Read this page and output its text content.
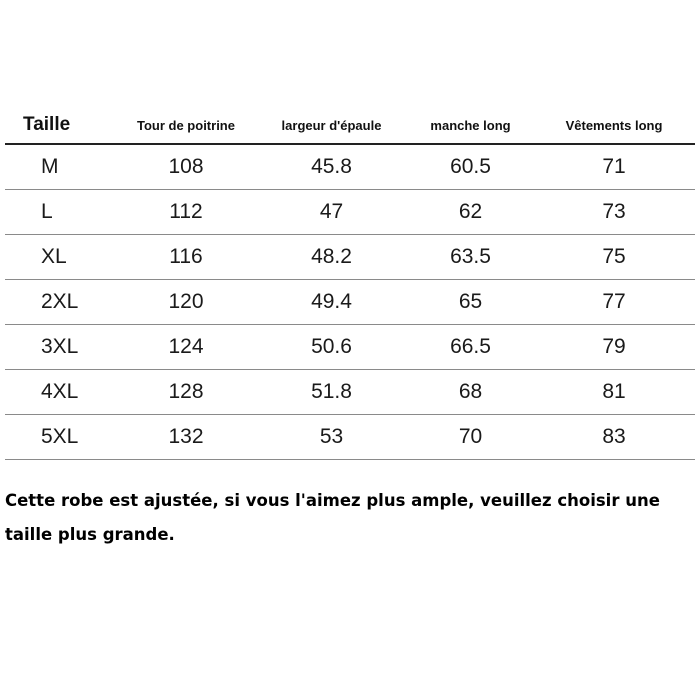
Taille	Tour de poitrine	largeur d'épaule	manche long	Vêtements long
M	108	45.8	60.5	71
L	112	47	62	73
XL	116	48.2	63.5	75
2XL	120	49.4	65	77
3XL	124	50.6	66.5	79
4XL	128	51.8	68	81
5XL	132	53	70	83

Cette robe est ajustée, si vous l'aimez plus ample, veuillez choisir une
taille plus grande.
